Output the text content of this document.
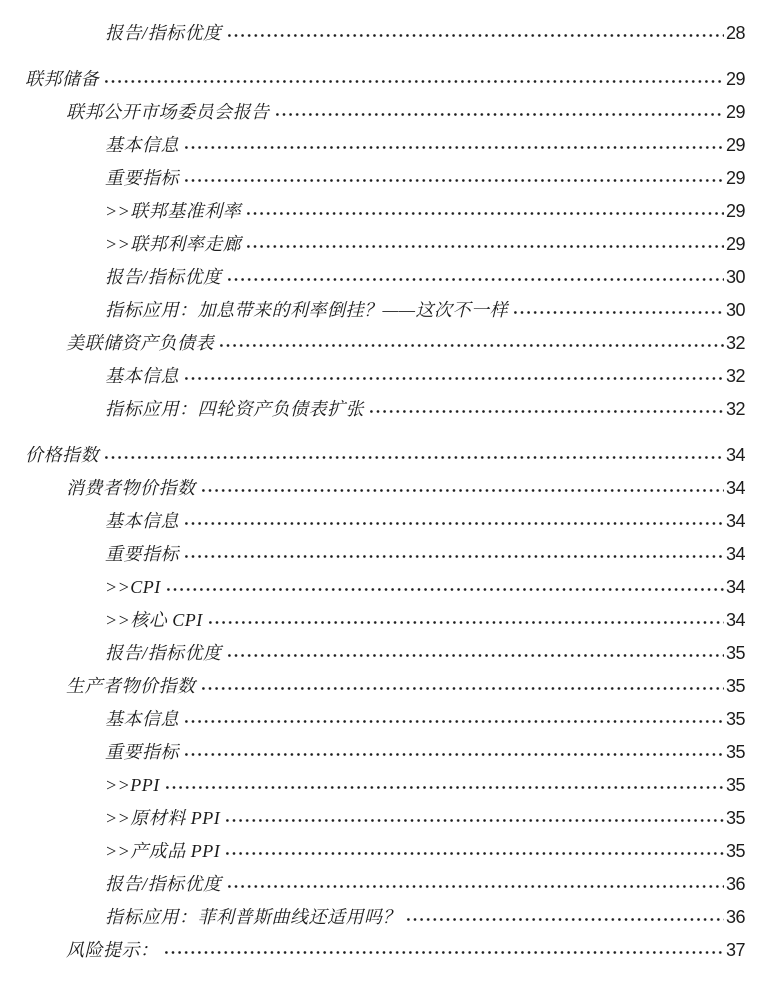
报告/指标优度	28
联邦储备	29
联邦公开市场委员会报告	29
基本信息	29
重要指标	29
>>联邦基准利率	29
>>联邦利率走廊	29
报告/指标优度	30
指标应用：加息带来的利率倒挂？——这次不一样	30
美联储资产负债表	32
基本信息	32
指标应用：四轮资产负债表扩张	32
价格指数	34
消费者物价指数	34
基本信息	34
重要指标	34
>>CPI	34
>>核心 CPI	34
报告/指标优度	35
生产者物价指数	35
基本信息	35
重要指标	35
>>PPI	35
>>原材料 PPI	35
>>产成品 PPI	35
报告/指标优度	36
指标应用：菲利普斯曲线还适用吗？	36
风险提示：	37
